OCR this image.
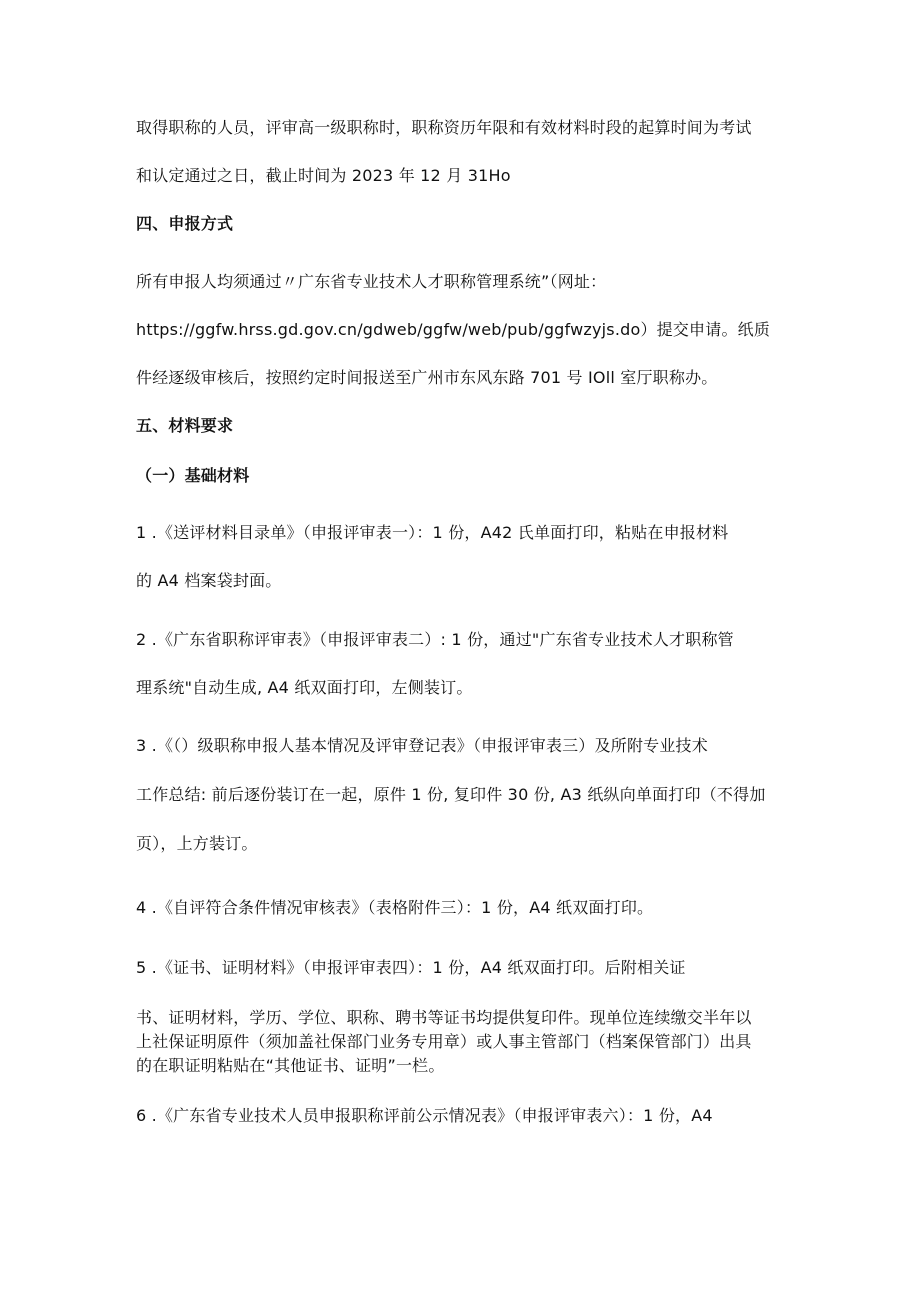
取得职称的人员，评审高一级职称时，职称资历年限和有效材料时段的起算时间为考试
和认定通过之日，截止时间为 2023 年 12 月 31Ho
四、申报方式
所有申报人均须通过〃广东省专业技术人才职称管理系统”（网址：
https://ggfw.hrss.gd.gov.cn/gdweb/ggfw/web/pub/ggfwzyjs.do）提交申请。纸质
件经逐级审核后，按照约定时间报送至广州市东风东路 701 号 IOll 室厅职称办。
五、材料要求
（一）基础材料
1 .《送评材料目录单》（申报评审表一）：1 份，A42 氏单面打印，粘贴在申报材料
的 A4 档案袋封面。
2 .《广东省职称评审表》（申报评审表二）: 1 份，通过"广东省专业技术人才职称管
理系统"自动生成, A4 纸双面打印，左侧装订。
3 .《（）级职称申报人基本情况及评审登记表》（申报评审表三）及所附专业技术
工作总结: 前后逐份装订在一起，原件 1 份, 复印件 30 份, A3 纸纵向单面打印（不得加
页），上方装订。
4 .《自评符合条件情况审核表》（表格附件三）：1 份，A4 纸双面打印。
5 .《证书、证明材料》（申报评审表四）：1 份，A4 纸双面打印。后附相关证
书、证明材料，学历、学位、职称、聘书等证书均提供复印件。现单位连续缴交半年以
上社保证明原件（须加盖社保部门业务专用章）或人事主管部门（档案保管部门）出具
的在职证明粘贴在“其他证书、证明”一栏。
6 .《广东省专业技术人员申报职称评前公示情况表》（申报评审表六）：1 份，A4
